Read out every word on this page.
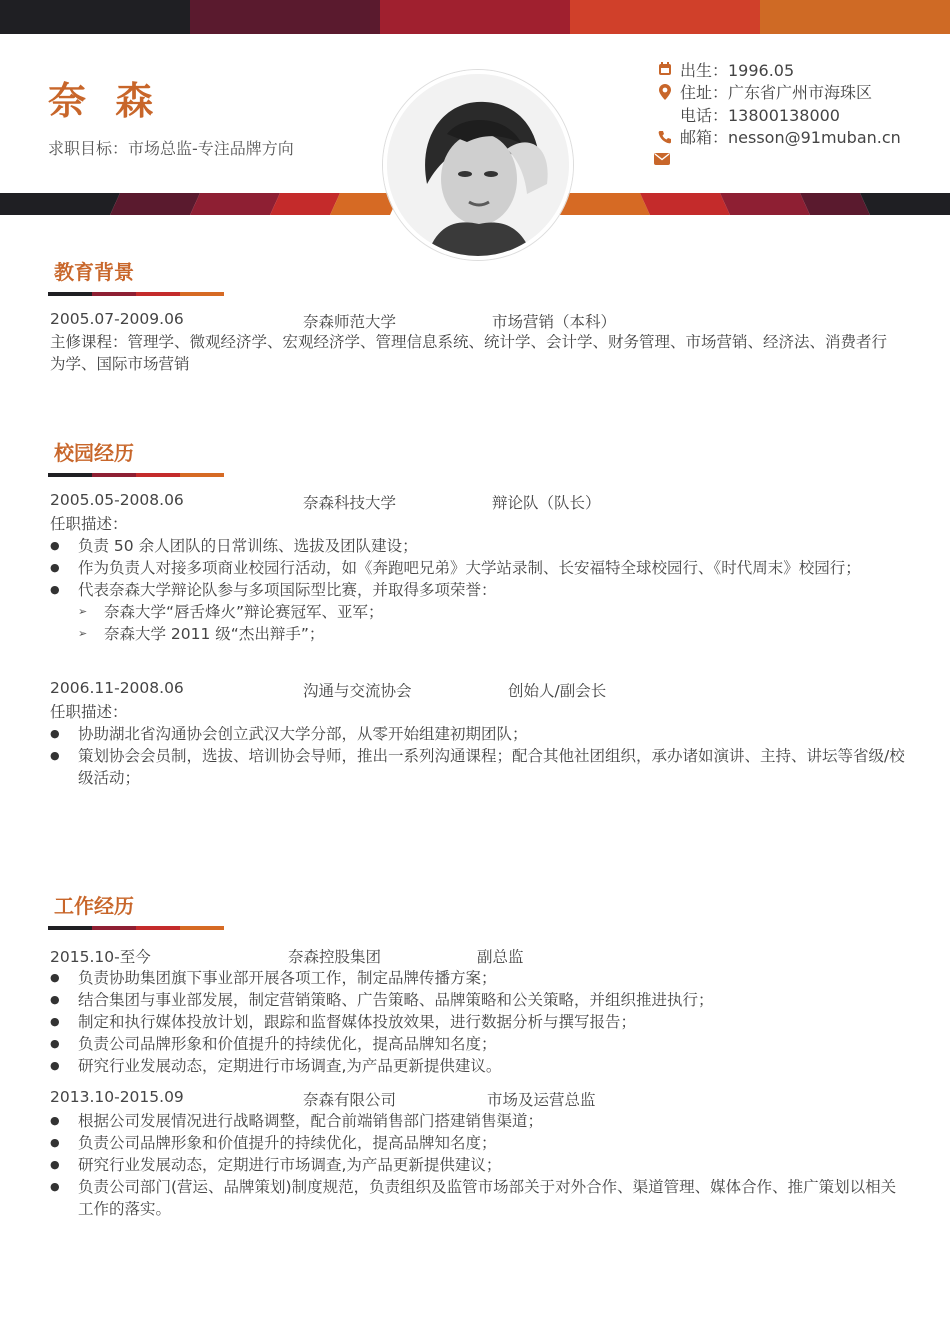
奈 森
求职目标：市场总监-专注品牌方向
出生：1996.05
住址：广东省广州市海珠区
电话：13800138000
邮箱：nesson@91muban.cn
教育背景
2005.07-2009.06	奈森师范大学	市场营销（本科）
主修课程：管理学、微观经济学、宏观经济学、管理信息系统、统计学、会计学、财务管理、市场营销、经济法、消费者行为学、国际市场营销
校园经历
2005.05-2008.06	奈森科技大学	辩论队（队长）
任职描述：
● 负责 50 余人团队的日常训练、选拔及团队建设；
● 作为负责人对接多项商业校园行活动，如《奔跑吧兄弟》大学站录制、长安福特全球校园行、《时代周末》校园行；
● 代表奈森大学辩论队参与多项国际型比赛，并取得多项荣誉：
➢ 奈森大学“唇舌烽火”辩论赛冠军、亚军；
➢ 奈森大学 2011 级“杰出辩手”；
2006.11-2008.06	沟通与交流协会	创始人/副会长
任职描述：
● 协助湖北省沟通协会创立武汉大学分部，从零开始组建初期团队；
● 策划协会会员制，选拔、培训协会导师，推出一系列沟通课程；配合其他社团组织，承办诸如演讲、主持、讲坛等省级/校级活动；
工作经历
2015.10-至今	奈森控股集团	副总监
● 负责协助集团旗下事业部开展各项工作，制定品牌传播方案；
● 结合集团与事业部发展，制定营销策略、广告策略、品牌策略和公关策略，并组织推进执行；
● 制定和执行媒体投放计划，跟踪和监督媒体投放效果，进行数据分析与撰写报告；
● 负责公司品牌形象和价值提升的持续优化，提高品牌知名度；
● 研究行业发展动态，定期进行市场调查,为产品更新提供建议。
2013.10-2015.09	奈森有限公司	市场及运营总监
● 根据公司发展情况进行战略调整，配合前端销售部门搭建销售渠道；
● 负责公司品牌形象和价值提升的持续优化，提高品牌知名度；
● 研究行业发展动态，定期进行市场调查,为产品更新提供建议；
● 负责公司部门(营运、品牌策划)制度规范，负责组织及监管市场部关于对外合作、渠道管理、媒体合作、推广策划以相关工作的落实。
